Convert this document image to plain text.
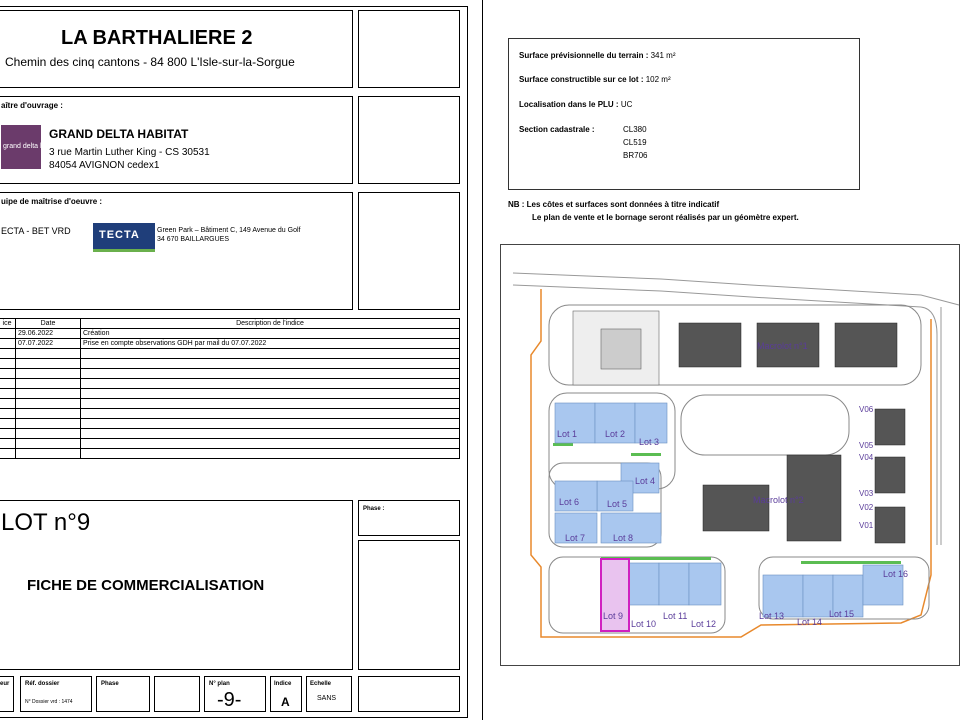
LA BARTHALIERE 2
Chemin des cinq cantons - 84 800 L'Isle-sur-la-Sorgue
aître d'ouvrage :
grand delta habitat
GRAND DELTA HABITAT
3 rue Martin Luther King - CS 30531
84054 AVIGNON cedex1
uipe de maîtrise d'oeuvre :
ECTA - BET VRD	TECTA Green Park – Bâtiment C, 149 Avenue du Golf
34 670 BAILLARGUES
ice	Date	Description de l'indice
	29.06.2022	Création
	07.07.2022	Prise en compte observations GDH par mail du 07.07.2022

LOT n°9
FICHE DE COMMERCIALISATION
Phase :
eur	Réf. dossier
N° Dossier vrd : 1474
Phase	N° plan
-9-
Indice
A
Echelle
SANS
Surface prévisionnelle du terrain : 341 m²
Surface constructible sur ce lot : 102 m²
Localisation dans le PLU : UC
Section cadastrale :	CL380
CL519
BR706
NB : Les côtes et surfaces sont données à titre indicatif
Le plan de vente et le bornage seront réalisés par un géomètre expert.
Macrolot n°1
Macrolot n°2
Lot 1	Lot 2
Lot 3
Lot 4
Lot 5
Lot 6
Lot 7	Lot 8
Lot 9
Lot 10
Lot 11
Lot 12
Lot 13
Lot 14
Lot 15
Lot 16
V06
V05
V04
V03
V02
V01
